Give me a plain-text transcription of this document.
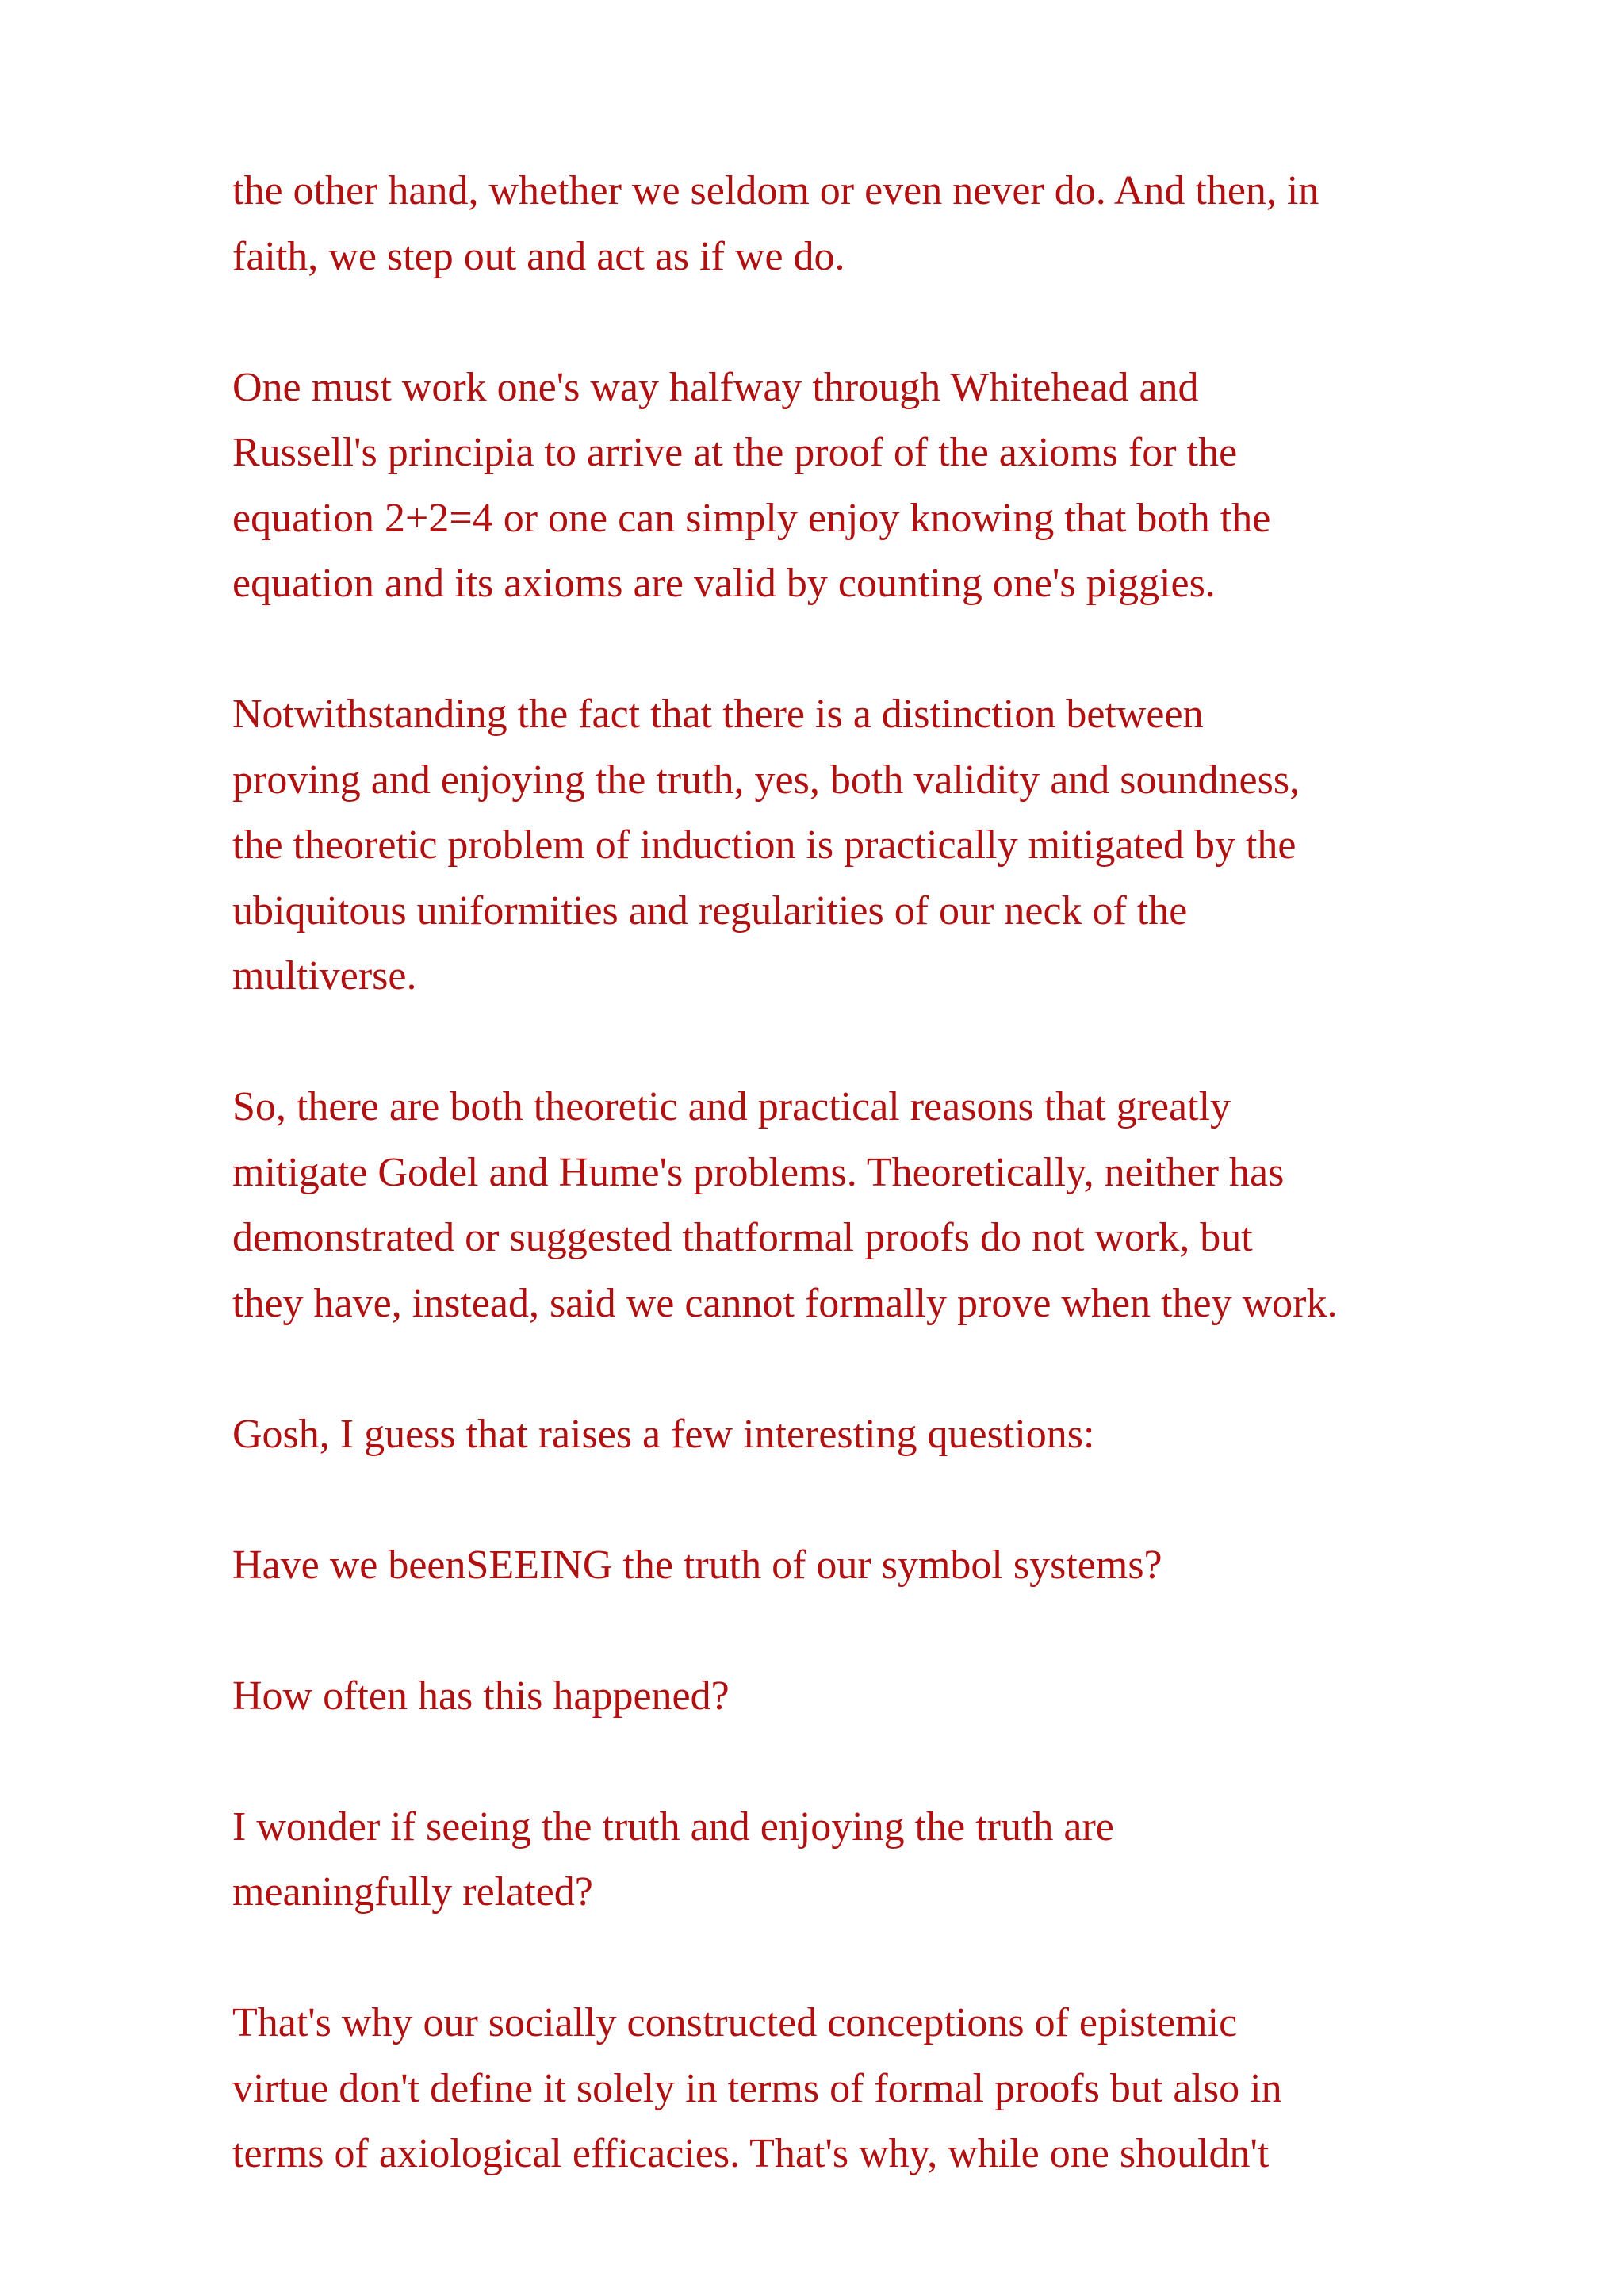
the other hand, whether we seldom or even never do. And then, in
faith, we step out and act as if we do.

One must work one's way halfway through Whitehead and
Russell's principia to arrive at the proof of the axioms for the
equation 2+2=4 or one can simply enjoy knowing that both the
equation and its axioms are valid by counting one's piggies.

Notwithstanding the fact that there is a distinction between
proving and enjoying the truth, yes, both validity and soundness,
the theoretic problem of induction is practically mitigated by the
ubiquitous uniformities and regularities of our neck of the
multiverse.

So, there are both theoretic and practical reasons that greatly
mitigate Godel and Hume's problems. Theoretically, neither has
demonstrated or suggested thatformal proofs do not work, but
they have, instead, said we cannot formally prove when they work.

Gosh, I guess that raises a few interesting questions:

Have we beenSEEING the truth of our symbol systems?

How often has this happened?

I wonder if seeing the truth and enjoying the truth are
meaningfully related?

That's why our socially constructed conceptions of epistemic
virtue don't define it solely in terms of formal proofs but also in
terms of axiological efficacies. That's why, while one shouldn't
